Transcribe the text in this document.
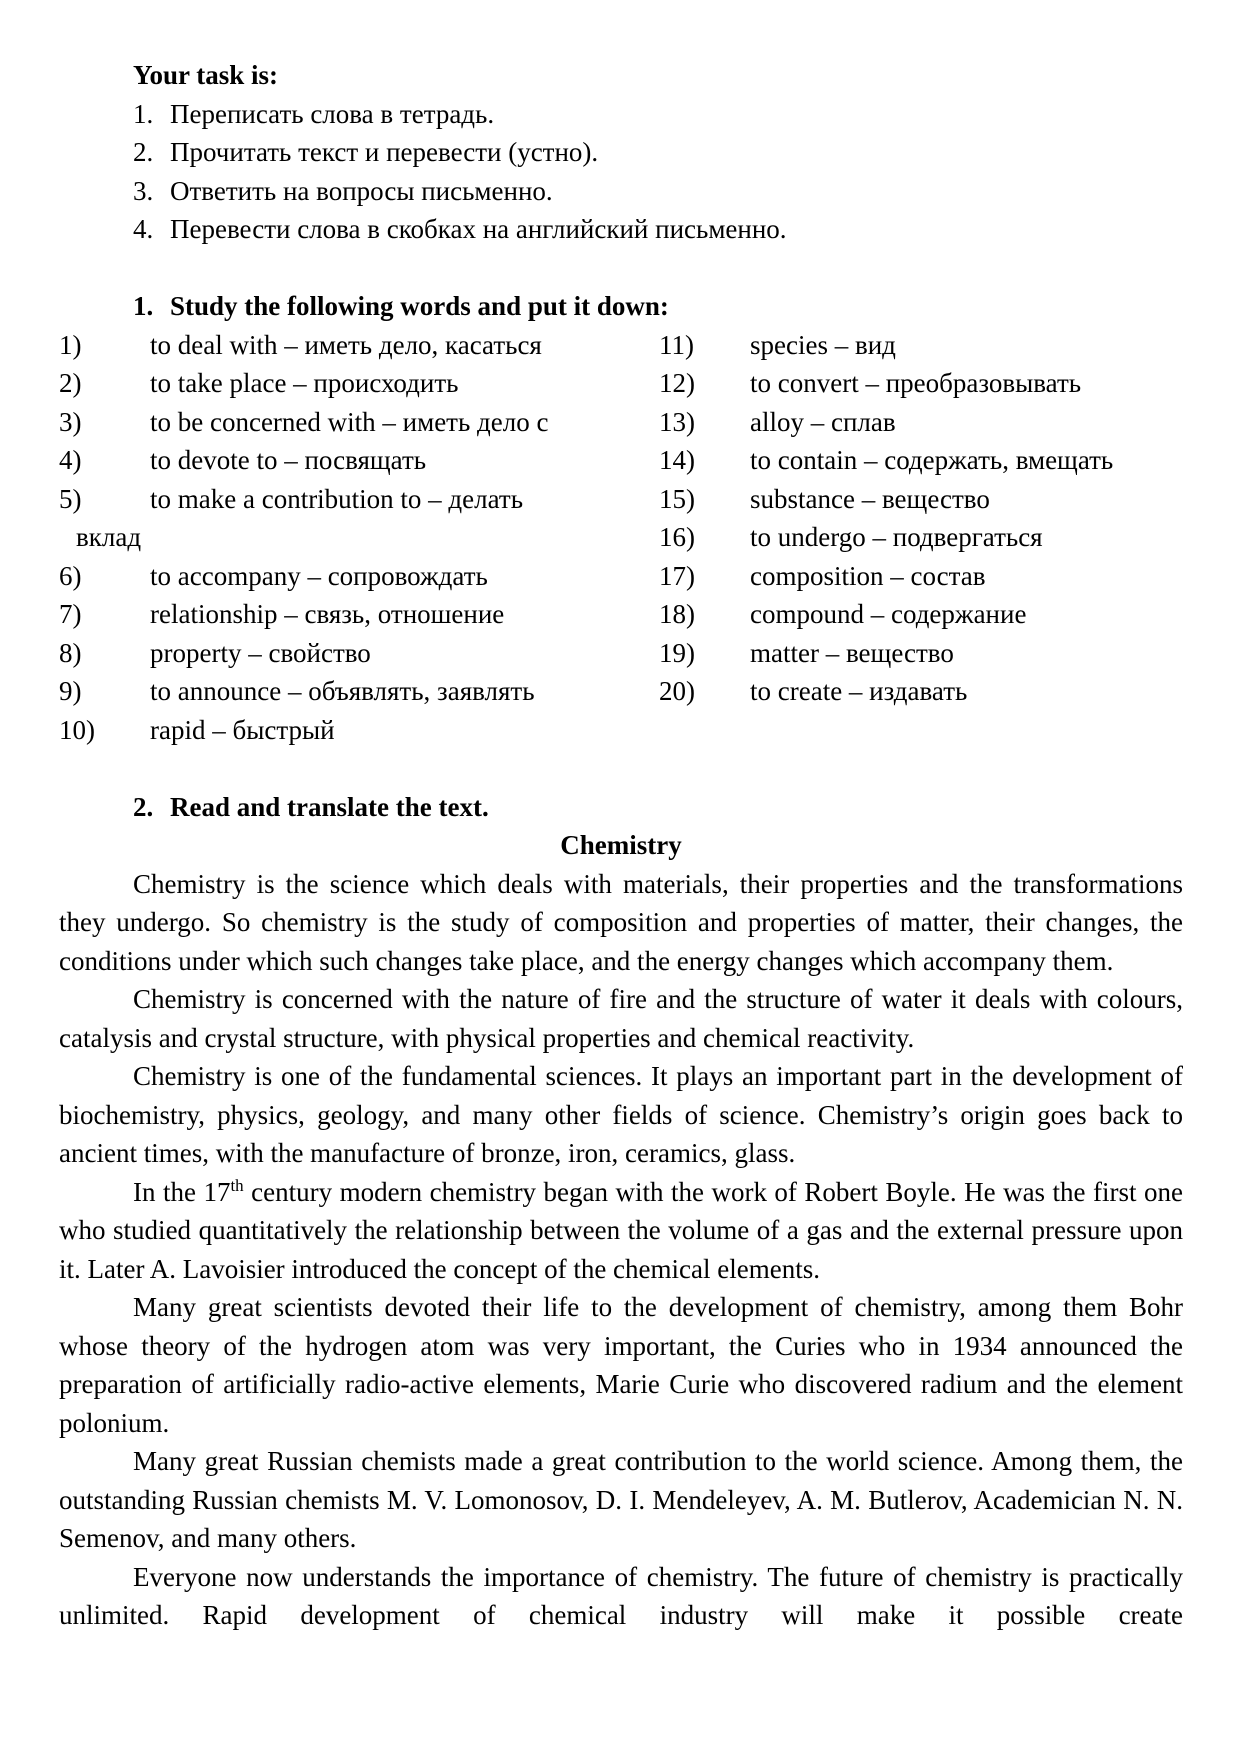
Your task is:
1. Переписать слова в тетрадь.
2. Прочитать текст и перевести (устно).
3. Ответить на вопросы письменно.
4. Перевести слова в скобках на английский письменно.
1. Study the following words and put it down:
1)	to deal with – иметь дело, касаться
2)	to take place – происходить
3)	to be concerned with – иметь дело с
4)	to devote to – посвящать
5)	to make a contribution to – делать
вклад
6)	to accompany – сопровождать
7)	relationship – связь, отношение
8)	property – свойство
9)	to announce – объявлять, заявлять
10)	rapid – быстрый
11)	species – вид
12)	to convert – преобразовывать
13)	alloy – сплав
14)	to contain – содержать, вмещать
15)	substance – вещество
16)	to undergo – подвергаться
17)	composition – состав
18)	compound – содержание
19)	matter – вещество
20)	to create – издавать
2. Read and translate the text.
Chemistry

Chemistry is the science which deals with materials, their properties and the transformations they undergo. So chemistry is the study of composition and properties of matter, their changes, the conditions under which such changes take place, and the energy changes which accompany them.

Chemistry is concerned with the nature of fire and the structure of water it deals with colours, catalysis and crystal structure, with physical properties and chemical reactivity.

Chemistry is one of the fundamental sciences. It plays an important part in the development of biochemistry, physics, geology, and many other fields of science. Chemistry’s origin goes back to ancient times, with the manufacture of bronze, iron, ceramics, glass.

In the 17th century modern chemistry began with the work of Robert Boyle. He was the first one who studied quantitatively the relationship between the volume of a gas and the external pressure upon it. Later A. Lavoisier introduced the concept of the chemical elements.

Many great scientists devoted their life to the development of chemistry, among them Bohr whose theory of the hydrogen atom was very important, the Curies who in 1934 announced the preparation of artificially radio-active elements, Marie Curie who discovered radium and the element polonium.

Many great Russian chemists made a great contribution to the world science. Among them, the outstanding Russian chemists M. V. Lomonosov, D. I. Mendeleyev, A. M. Butlerov, Academician N. N. Semenov, and many others.

Everyone now understands the importance of chemistry. The future of chemistry is practically unlimited. Rapid development of chemical industry will make it possible create
